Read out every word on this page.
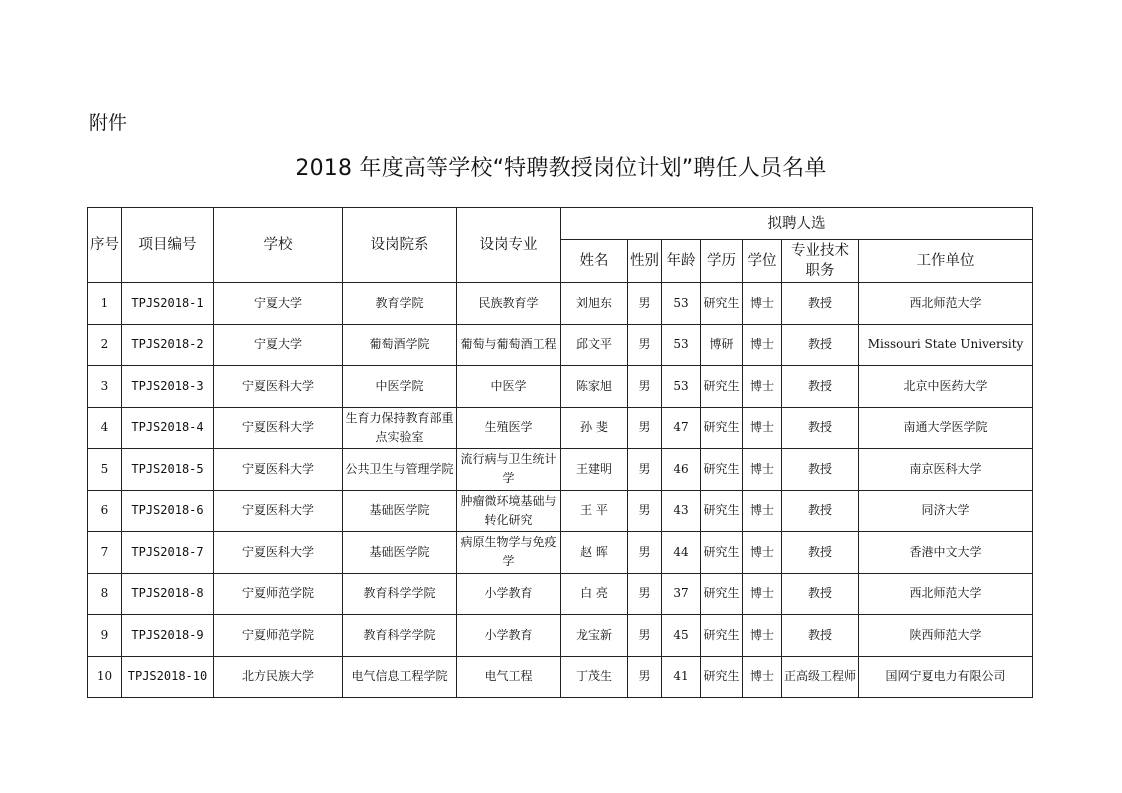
附件
2018 年度高等学校“特聘教授岗位计划”聘任人员名单
序号	项目编号	学校	设岗院系	设岗专业	拟聘人选						
					姓名	性别	年龄	学历	学位	专业技术职务	工作单位
1	TPJS2018-1	宁夏大学	教育学院	民族教育学	刘旭东	男	53	研究生	博士	教授	西北师范大学
2	TPJS2018-2	宁夏大学	葡萄酒学院	葡萄与葡萄酒工程	邱文平	男	53	博研	博士	教授	Missouri State University
3	TPJS2018-3	宁夏医科大学	中医学院	中医学	陈家旭	男	53	研究生	博士	教授	北京中医药大学
4	TPJS2018-4	宁夏医科大学	生育力保持教育部重点实验室	生殖医学	孙 斐	男	47	研究生	博士	教授	南通大学医学院
5	TPJS2018-5	宁夏医科大学	公共卫生与管理学院	流行病与卫生统计学	王建明	男	46	研究生	博士	教授	南京医科大学
6	TPJS2018-6	宁夏医科大学	基础医学院	肿瘤微环境基础与转化研究	王 平	男	43	研究生	博士	教授	同济大学
7	TPJS2018-7	宁夏医科大学	基础医学院	病原生物学与免疫学	赵 晖	男	44	研究生	博士	教授	香港中文大学
8	TPJS2018-8	宁夏师范学院	教育科学学院	小学教育	白 亮	男	37	研究生	博士	教授	西北师范大学
9	TPJS2018-9	宁夏师范学院	教育科学学院	小学教育	龙宝新	男	45	研究生	博士	教授	陕西师范大学
10	TPJS2018-10	北方民族大学	电气信息工程学院	电气工程	丁茂生	男	41	研究生	博士	正高级工程师	国网宁夏电力有限公司
